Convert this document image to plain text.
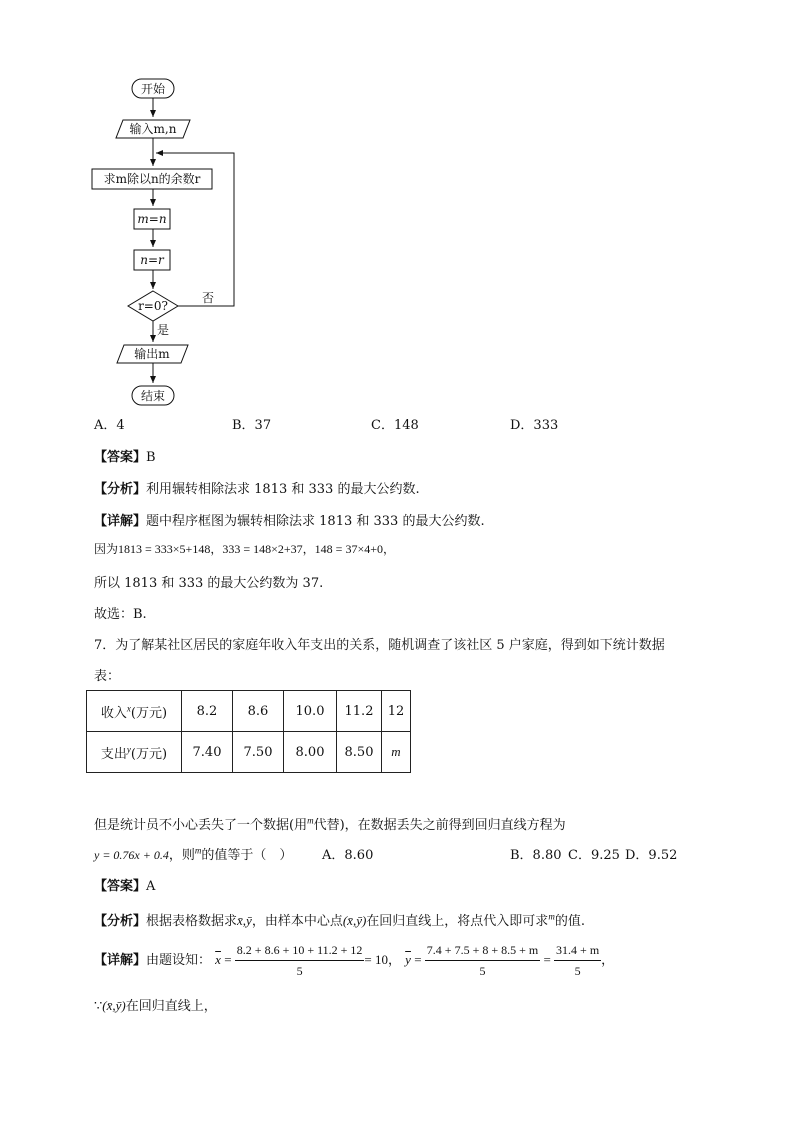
开始
输入m,n
求m除以n的余数r
m=n
n=r
r=0?
否
是
输出m
结束
A．4	B．37	C．148	D．333
【答案】B
【分析】利用辗转相除法求 1813 和 333 的最大公约数.
【详解】题中程序框图为辗转相除法求 1813 和 333 的最大公约数.
因为1813 = 333×5+148，333 = 148×2+37，148 = 37×4+0，
所以 1813 和 333 的最大公约数为 37.
故选：B.
7．为了解某社区居民的家庭年收入年支出的关系，随机调查了该社区 5 户家庭，得到如下统计数据
表：
收入$^x$(万元)	8.2	8.6	10.0	11.2	12
支出$^y$(万元)	7.40	7.50	8.00	8.50	m
但是统计员不小心丢失了一个数据(用$^m$代替)，在数据丢失之前得到回归直线方程为
y = 0.76x + 0.4，则$^m$的值等于（　） A．8.60	B．8.80 C．9.25 D．9.52
【答案】A
【分析】根据表格数据求x̄,ȳ，由样本中心点(x̄,ȳ)在回归直线上，将点代入即可求$^m$的值.
【详解】由题设知： $\overline{x} = \frac{8.2 + 8.6 + 10 + 11.2 + 12}{5} = 10$， $\overline{y} = \frac{7.4 + 7.5 + 8 + 8.5 + m}{5} = \frac{31.4 + m}{5}$ ，
∵(x̄,ȳ)在回归直线上，
